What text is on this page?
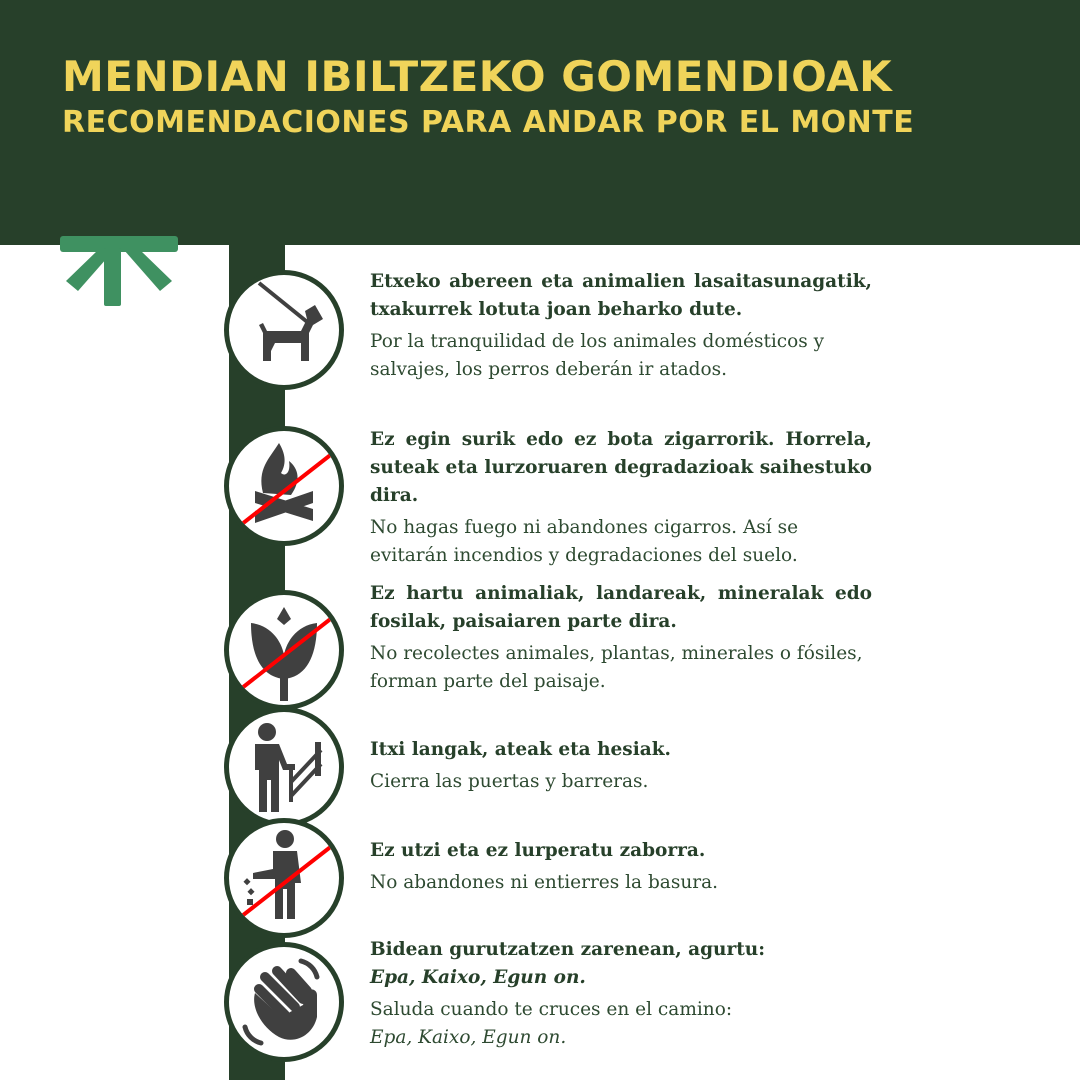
MENDIAN IBILTZEKO GOMENDIOAK
RECOMENDACIONES PARA ANDAR POR EL MONTE

Etxeko abereen eta animalien lasaitasunagatik, txakurrek lotuta joan beharko dute.

Por la tranquilidad de los animales domésticos y salvajes, los perros deberán ir atados.

Ez egin surik edo ez bota zigarrorik. Horrela, suteak eta lurzoruaren degradazioak saihestuko dira.

No hagas fuego ni abandones cigarros. Así se evitarán incendios y degradaciones del suelo.

Ez hartu animaliak, landareak, mineralak edo fosilak, paisaiaren parte dira.

No recolectes animales, plantas, minerales o fósiles, forman parte del paisaje.

Itxi langak, ateak eta hesiak.

Cierra las puertas y barreras.

Ez utzi eta ez lurperatu zaborra.

No abandones ni entierres la basura.

Bidean gurutzatzen zarenean, agurtu:
Epa, Kaixo, Egun on.

Saluda cuando te cruces en el camino:
Epa, Kaixo, Egun on.
